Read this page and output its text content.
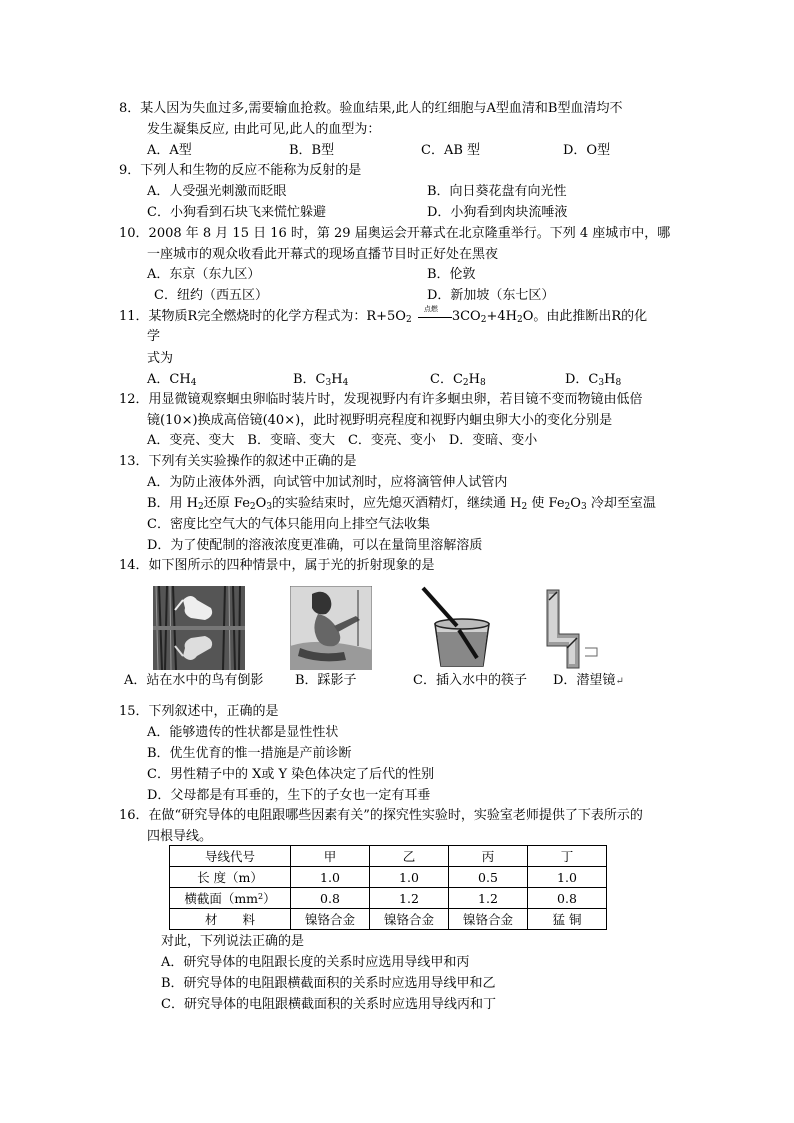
8．某人因为失血过多,需要输血抢救。验血结果,此人的红细胞与A型血清和B型血清均不
发生凝集反应, 由此可见,此人的血型为：
A．A型	B．B型	C．AB 型	D．O型
9．下列人和生物的反应不能称为反射的是
A．人受强光刺激而眨眼	B．向日葵花盘有向光性
C．小狗看到石块飞来慌忙躲避	D．小狗看到肉块流唾液
10．2008 年 8 月 15 日 16 时，第 29 届奥运会开幕式在北京隆重举行。下列 4 座城市中，哪
一座城市的观众收看此开幕式的现场直播节目时正好处在黑夜
A．东京（东九区）	B．伦敦
C．纽约（西五区）	D．新加坡（东七区）
11．某物质R完全燃烧时的化学方程式为：$R+5O_2$
点燃
$3CO_2+4H_2O$。由此推断出R的化
学
式为
A．$CH_4$	B．$C_3H_4$	C．$C_2H_8$	D．$C_3H_8$
12．用显微镜观察蛔虫卵临时装片时，发现视野内有许多蛔虫卵，若目镜不变而物镜由低倍
镜(10×)换成高倍镜(40×)，此时视野明亮程度和视野内蛔虫卵大小的变化分别是
A．变亮、变大　B．变暗、变大　C．变亮、变小　D．变暗、变小
13．下列有关实验操作的叙述中正确的是
A．为防止液体外洒，向试管中加试剂时，应将滴管伸人试管内
B．用 $H_2$还原 $Fe_2O_3$的实验结束时，应先熄灭酒精灯，继续通 $H_2$ 使 $Fe_2O_3$ 冷却至室温
C．密度比空气大的气体只能用向上排空气法收集
D．为了使配制的溶液浓度更准确，可以在量筒里溶解溶质
14．如下图所示的四种情景中，属于光的折射现象的是
A．站在水中的鸟有倒影 B．踩影子	C．插入水中的筷子 D．潜望镜↵
15．下列叙述中，正确的是
A．能够遗传的性状都是显性性状
B．优生优育的惟一措施是产前诊断
C．男性精子中的 X或 Y 染色体决定了后代的性别
D．父母都是有耳垂的，生下的子女也一定有耳垂
16．在做“研究导体的电阻跟哪些因素有关”的探究性实验时，实验室老师提供了下表所示的
四根导线。
导线代号	甲	乙	丙	丁
长 度（m）	1.0	1.0	0.5	1.0
横截面$(mm^2)$	0.8	1.2	1.2	0.8
材　　料	镍铬合金	镍铬合金	镍铬合金	猛 铜
对此，下列说法正确的是
A．研究导体的电阻跟长度的关系时应选用导线甲和丙
B．研究导体的电阻跟横截面积的关系时应选用导线甲和乙
C．研究导体的电阻跟横截面积的关系时应选用导线丙和丁
